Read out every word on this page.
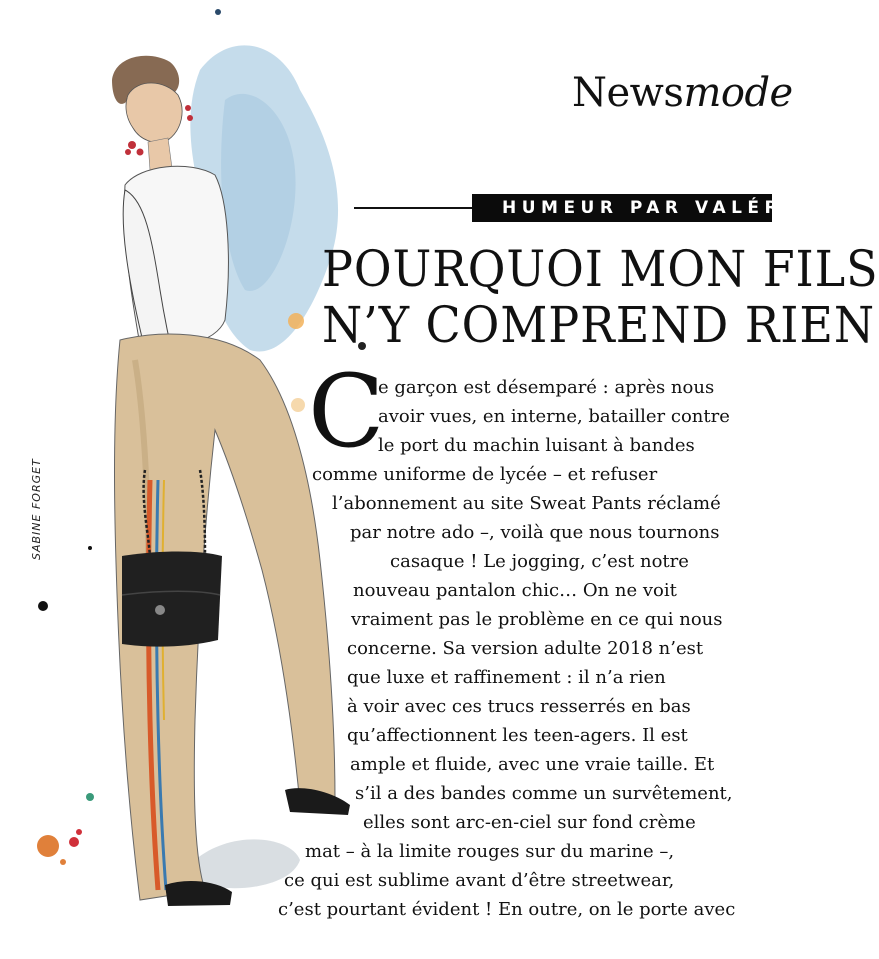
SABINE FORGET
Newsmode
HUMEUR PAR VALÉRIE
POURQUOI MON FILS
N’Y COMPREND RIEN
C
e garçon est désemparé : après nous
avoir vues, en interne, batailler contre
le port du machin luisant à bandes
comme uniforme de lycée – et refuser
l’abonnement au site Sweat Pants réclamé
par notre ado –, voilà que nous tournons
casaque ! Le jogging, c’est notre
nouveau pantalon chic… On ne voit
vraiment pas le problème en ce qui nous
concerne. Sa version adulte 2018 n’est
que luxe et raffinement : il n’a rien
à voir avec ces trucs resserrés en bas
qu’affectionnent les teen-agers. Il est
ample et fluide, avec une vraie taille. Et
s’il a des bandes comme un survêtement,
elles sont arc-en-ciel sur fond crème
mat – à la limite rouges sur du marine –,
ce qui est sublime avant d’être streetwear,
c’est pourtant évident ! En outre, on le porte avec
